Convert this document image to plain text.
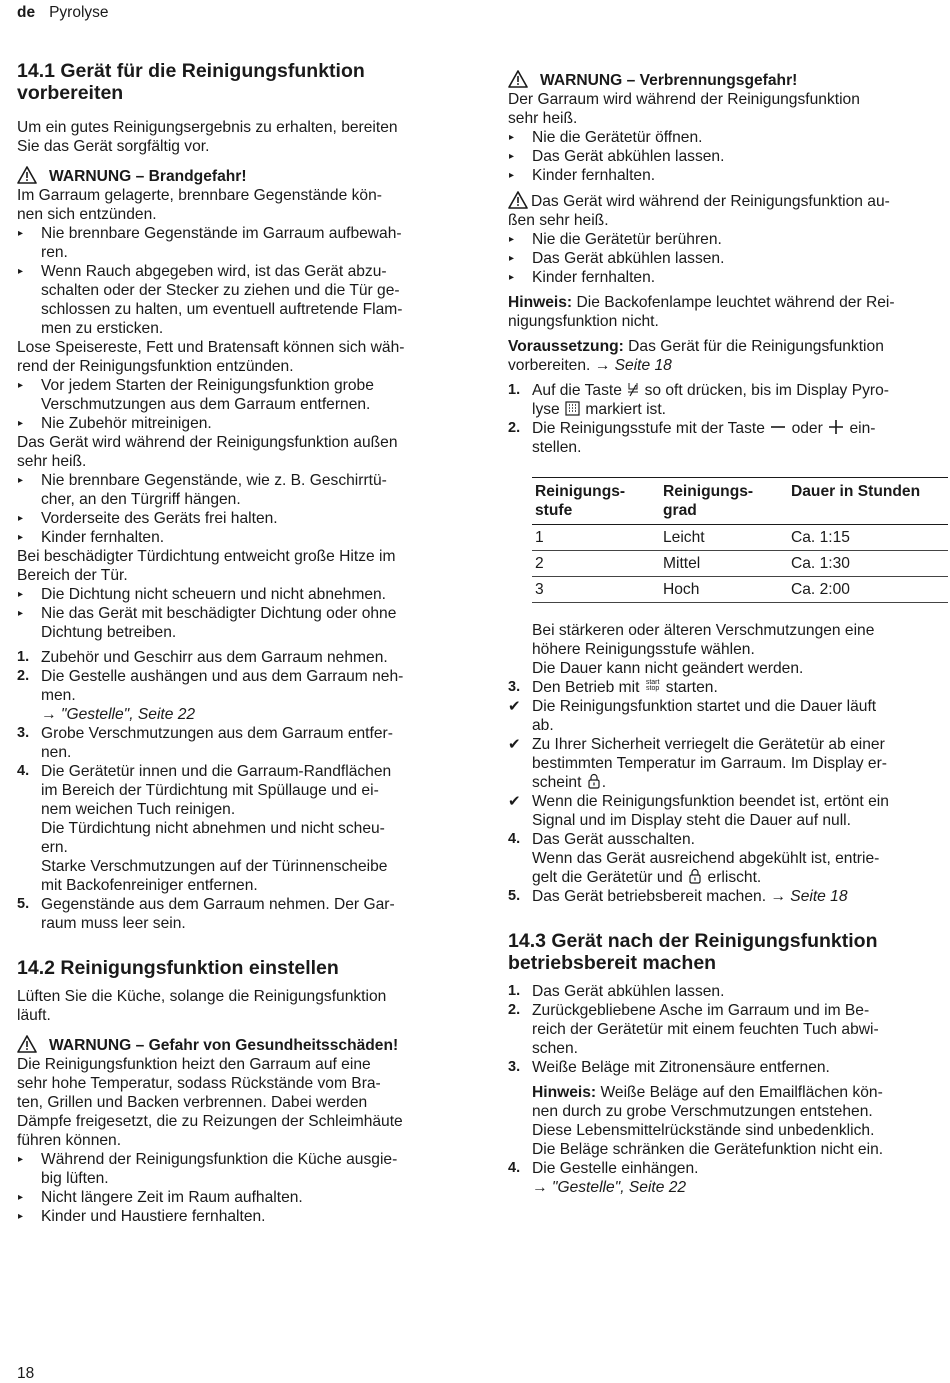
de Pyrolyse
14.1 Gerät für die Reinigungsfunktion
vorbereiten

Um ein gutes Reinigungsergebnis zu erhalten, bereiten
Sie das Gerät sorgfältig vor.

WARNUNG – Brandgefahr!

Im Garraum gelagerte, brennbare Gegenstände kön-
nen sich entzünden.

▸ Nie brennbare Gegenstände im Garraum aufbewah-
ren.
▸ Wenn Rauch abgegeben wird, ist das Gerät abzu-
schalten oder der Stecker zu ziehen und die Tür ge-
schlossen zu halten, um eventuell auftretende Flam-
men zu ersticken.

Lose Speisereste, Fett und Bratensaft können sich wäh-
rend der Reinigungsfunktion entzünden.

▸ Vor jedem Starten der Reinigungsfunktion grobe
Verschmutzungen aus dem Garraum entfernen.
▸ Nie Zubehör mitreinigen.

Das Gerät wird während der Reinigungsfunktion außen
sehr heiß.

▸ Nie brennbare Gegenstände, wie z. B. Geschirrtü-
cher, an den Türgriff hängen.
▸ Vorderseite des Geräts frei halten.
▸ Kinder fernhalten.

Bei beschädigter Türdichtung entweicht große Hitze im
Bereich der Tür.

▸ Die Dichtung nicht scheuern und nicht abnehmen.
▸ Nie das Gerät mit beschädigter Dichtung oder ohne
Dichtung betreiben.
1. Zubehör und Geschirr aus dem Garraum nehmen.
2. Die Gestelle aushängen und aus dem Garraum neh-
men.
→ "Gestelle", Seite 22
3. Grobe Verschmutzungen aus dem Garraum entfer-
nen.
4. Die Gerätetür innen und die Garraum-Randflächen
im Bereich der Türdichtung mit Spüllauge und ei-
nem weichen Tuch reinigen.
Die Türdichtung nicht abnehmen und nicht scheu-
ern.
Starke Verschmutzungen auf der Türinnenscheibe
mit Backofenreiniger entfernen.
5. Gegenstände aus dem Garraum nehmen. Der Gar-
raum muss leer sein.
14.2 Reinigungsfunktion einstellen

Lüften Sie die Küche, solange die Reinigungsfunktion
läuft.

WARNUNG – Gefahr von Gesundheitsschäden!

Die Reinigungsfunktion heizt den Garraum auf eine
sehr hohe Temperatur, sodass Rückstände vom Bra-
ten, Grillen und Backen verbrennen. Dabei werden
Dämpfe freigesetzt, die zu Reizungen der Schleimhäute
führen können.

▸ Während der Reinigungsfunktion die Küche ausgie-
big lüften.
▸ Nicht längere Zeit im Raum aufhalten.
▸ Kinder und Haustiere fernhalten.
WARNUNG – Verbrennungsgefahr!

Der Garraum wird während der Reinigungsfunktion
sehr heiß.

▸ Nie die Gerätetür öffnen.
▸ Das Gerät abkühlen lassen.
▸ Kinder fernhalten.

Das Gerät wird während der Reinigungsfunktion au-
ßen sehr heiß.

▸ Nie die Gerätetür berühren.
▸ Das Gerät abkühlen lassen.
▸ Kinder fernhalten.

Hinweis: Die Backofenlampe leuchtet während der Rei-
nigungsfunktion nicht.

Voraussetzung: Das Gerät für die Reinigungsfunktion
vorbereiten. → Seite 18

1. Auf die Taste so oft drücken, bis im Display Pyro-
lyse markiert ist.
2. Die Reinigungsstufe mit der Taste oder ein-
stellen.
Reinigungs-
stufe	Reinigungs-
grad	Dauer in Stunden
1	Leicht	Ca. 1:15
2	Mittel	Ca. 1:30
3	Hoch	Ca. 2:00

Bei stärkeren oder älteren Verschmutzungen eine
höhere Reinigungsstufe wählen.
Die Dauer kann nicht geändert werden.

3. Den Betrieb mit start
stop starten.
✔ Die Reinigungsfunktion startet und die Dauer läuft
ab.
✔ Zu Ihrer Sicherheit verriegelt die Gerätetür ab einer
bestimmten Temperatur im Garraum. Im Display er-
scheint .
✔ Wenn die Reinigungsfunktion beendet ist, ertönt ein
Signal und im Display steht die Dauer auf null.
4. Das Gerät ausschalten.
Wenn das Gerät ausreichend abgekühlt ist, entrie-
gelt die Gerätetür und erlischt.
5. Das Gerät betriebsbereit machen. → Seite 18
14.3 Gerät nach der Reinigungsfunktion
betriebsbereit machen
1. Das Gerät abkühlen lassen.
2. Zurückgebliebene Asche im Garraum und im Be-
reich der Gerätetür mit einem feuchten Tuch abwi-
schen.
3. Weiße Beläge mit Zitronensäure entfernen.

Hinweis: Weiße Beläge auf den Emailflächen kön-
nen durch zu grobe Verschmutzungen entstehen.
Diese Lebensmittelrückstände sind unbedenklich.
Die Beläge schränken die Gerätefunktion nicht ein.

4. Die Gestelle einhängen.
→ "Gestelle", Seite 22
18
